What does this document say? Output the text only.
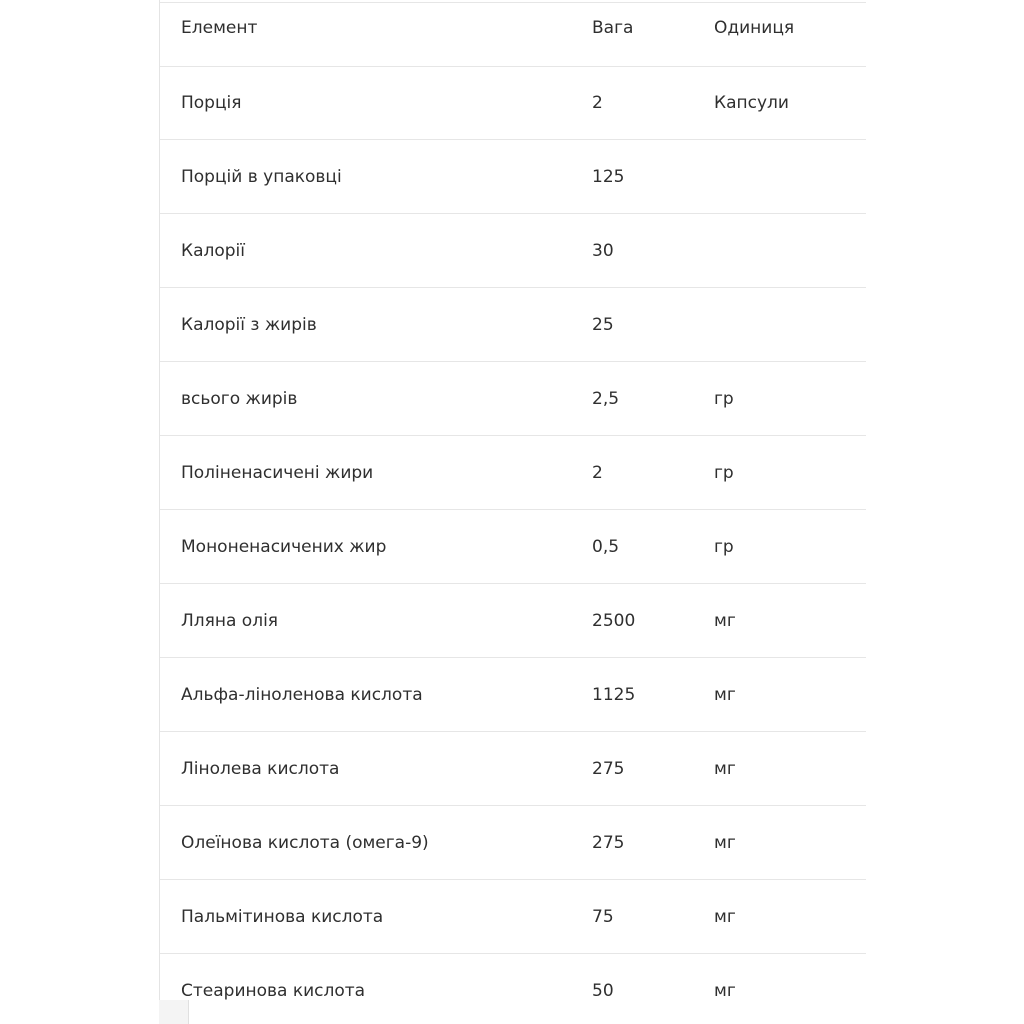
Елемент	Вага	Одиниця
Порція	2	Капсули
Порцій в упаковці	125
Калорії	30
Калорії з жирів	25
всього жирів	2,5	гр
Поліненасичені жири	2	гр
Мононенасичених жир	0,5	гр
Лляна олія	2500	мг
Альфа-ліноленова кислота	1125	мг
Лінолева кислота	275	мг
Олеїнова кислота (омега-9)	275	мг
Пальмітинова кислота	75	мг
Стеаринова кислота	50	мг
